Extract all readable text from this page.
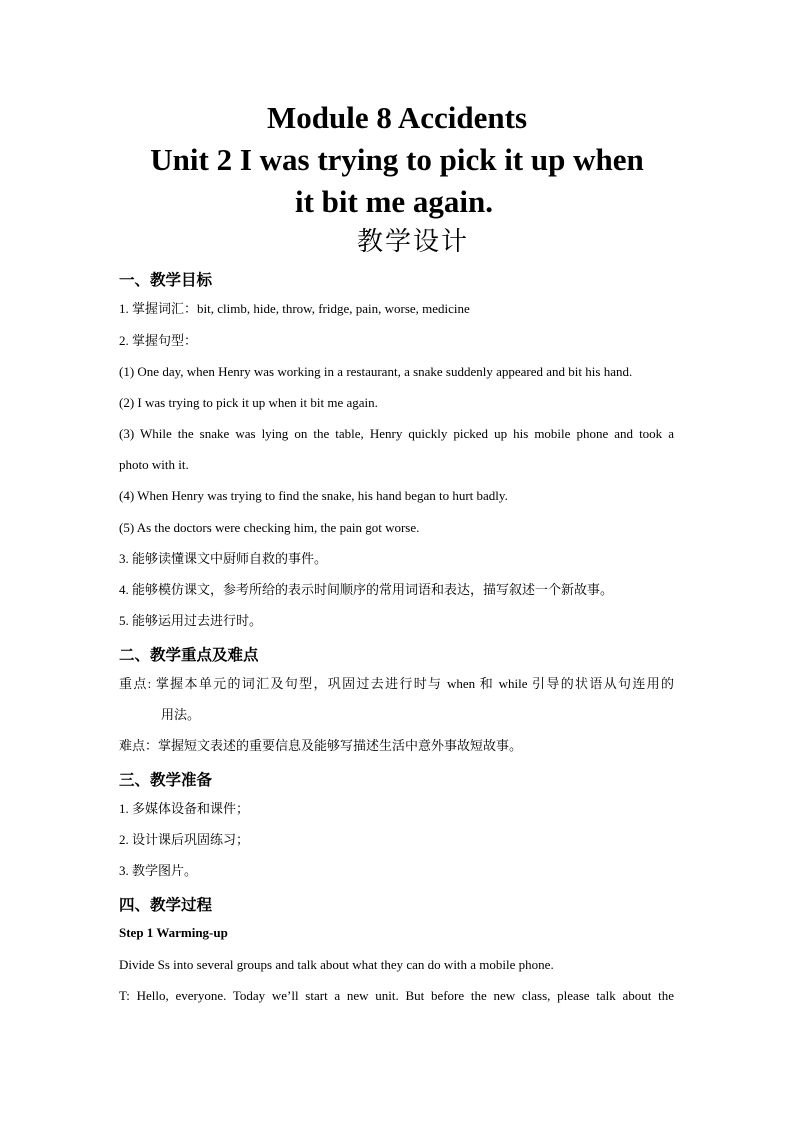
Module 8 Accidents
Unit 2 I was trying to pick it up when
it bit me again.
教学设计
一、教学目标
1. 掌握词汇：bit, climb, hide, throw, fridge, pain, worse, medicine
2. 掌握句型：
(1) One day, when Henry was working in a restaurant, a snake suddenly appeared and bit his hand.
(2) I was trying to pick it up when it bit me again.
(3) While the snake was lying on the table, Henry quickly picked up his mobile phone and took a
photo with it.
(4) When Henry was trying to find the snake, his hand began to hurt badly.
(5) As the doctors were checking him, the pain got worse.
3. 能够读懂课文中厨师自救的事件。
4. 能够模仿课文，参考所给的表示时间顺序的常用词语和表达，描写叙述一个新故事。
5. 能够运用过去进行时。
二、教学重点及难点
重点: 掌握本单元的词汇及句型，巩固过去进行时与 when 和 while 引导的状语从句连用的
用法。
难点：掌握短文表述的重要信息及能够写描述生活中意外事故短故事。
三、教学准备
1. 多媒体设备和课件；
2. 设计课后巩固练习；
3. 教学图片。
四、教学过程
Step 1 Warming-up
Divide Ss into several groups and talk about what they can do with a mobile phone.
T: Hello, everyone. Today we’ll start a new unit. But before the new class, please talk about the
